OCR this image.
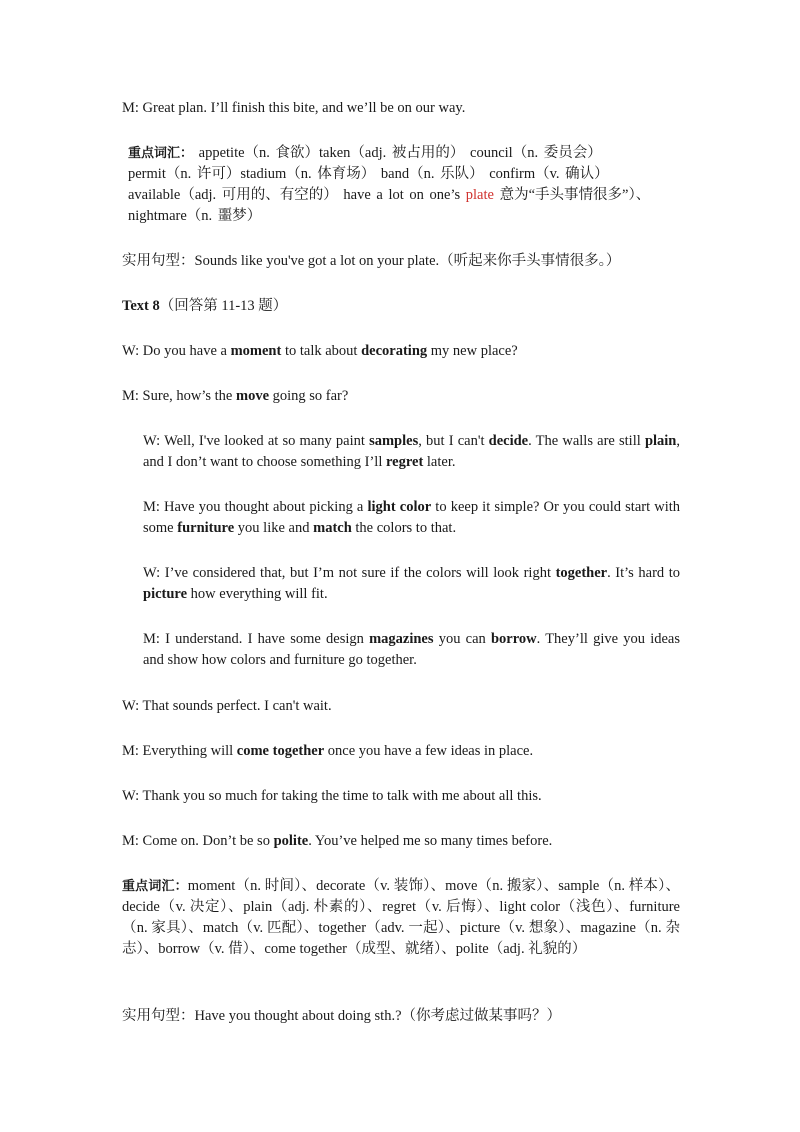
M: Great plan. I’ll finish this bite, and we’ll be on our way.
重点词汇： appetite（n. 食欲）taken（adj. 被占用的） council（n. 委员会）
permit（n. 许可）stadium（n. 体育场） band（n. 乐队） confirm（v. 确认）
available（adj. 可用的、有空的） have a lot on one’s plate 意为“手头事情很多”）、
nightmare（n. 噩梦）
实用句型：Sounds like you've got a lot on your plate.（听起来你手头事情很多。）
Text 8（回答第 11-13 题）
W: Do you have a moment to talk about decorating my new place?
M: Sure, how’s the move going so far?
W: Well, I've looked at so many paint samples, but I can't decide. The walls are still plain, and I don’t want to choose something I’ll regret later.
M: Have you thought about picking a light color to keep it simple? Or you could start with some furniture you like and match the colors to that.
W: I’ve considered that, but I’m not sure if the colors will look right together. It’s hard to picture how everything will fit.
M: I understand. I have some design magazines you can borrow. They’ll give you ideas and show how colors and furniture go together.
W: That sounds perfect. I can't wait.
M: Everything will come together once you have a few ideas in place.
W: Thank you so much for taking the time to talk with me about all this.
M: Come on. Don’t be so polite. You’ve helped me so many times before.
重点词汇：moment（n. 时间）、decorate（v. 装饰）、move（n. 搬家）、sample（n. 样本）、decide（v. 决定）、plain（adj. 朴素的）、regret（v. 后悔）、light color（浅色）、furniture（n. 家具）、match（v. 匹配）、together（adv. 一起）、picture（v. 想象）、magazine（n. 杂志）、borrow（v. 借）、come together（成型、就绪）、polite（adj. 礼貌的）
实用句型：Have you thought about doing sth.?（你考虑过做某事吗？）
